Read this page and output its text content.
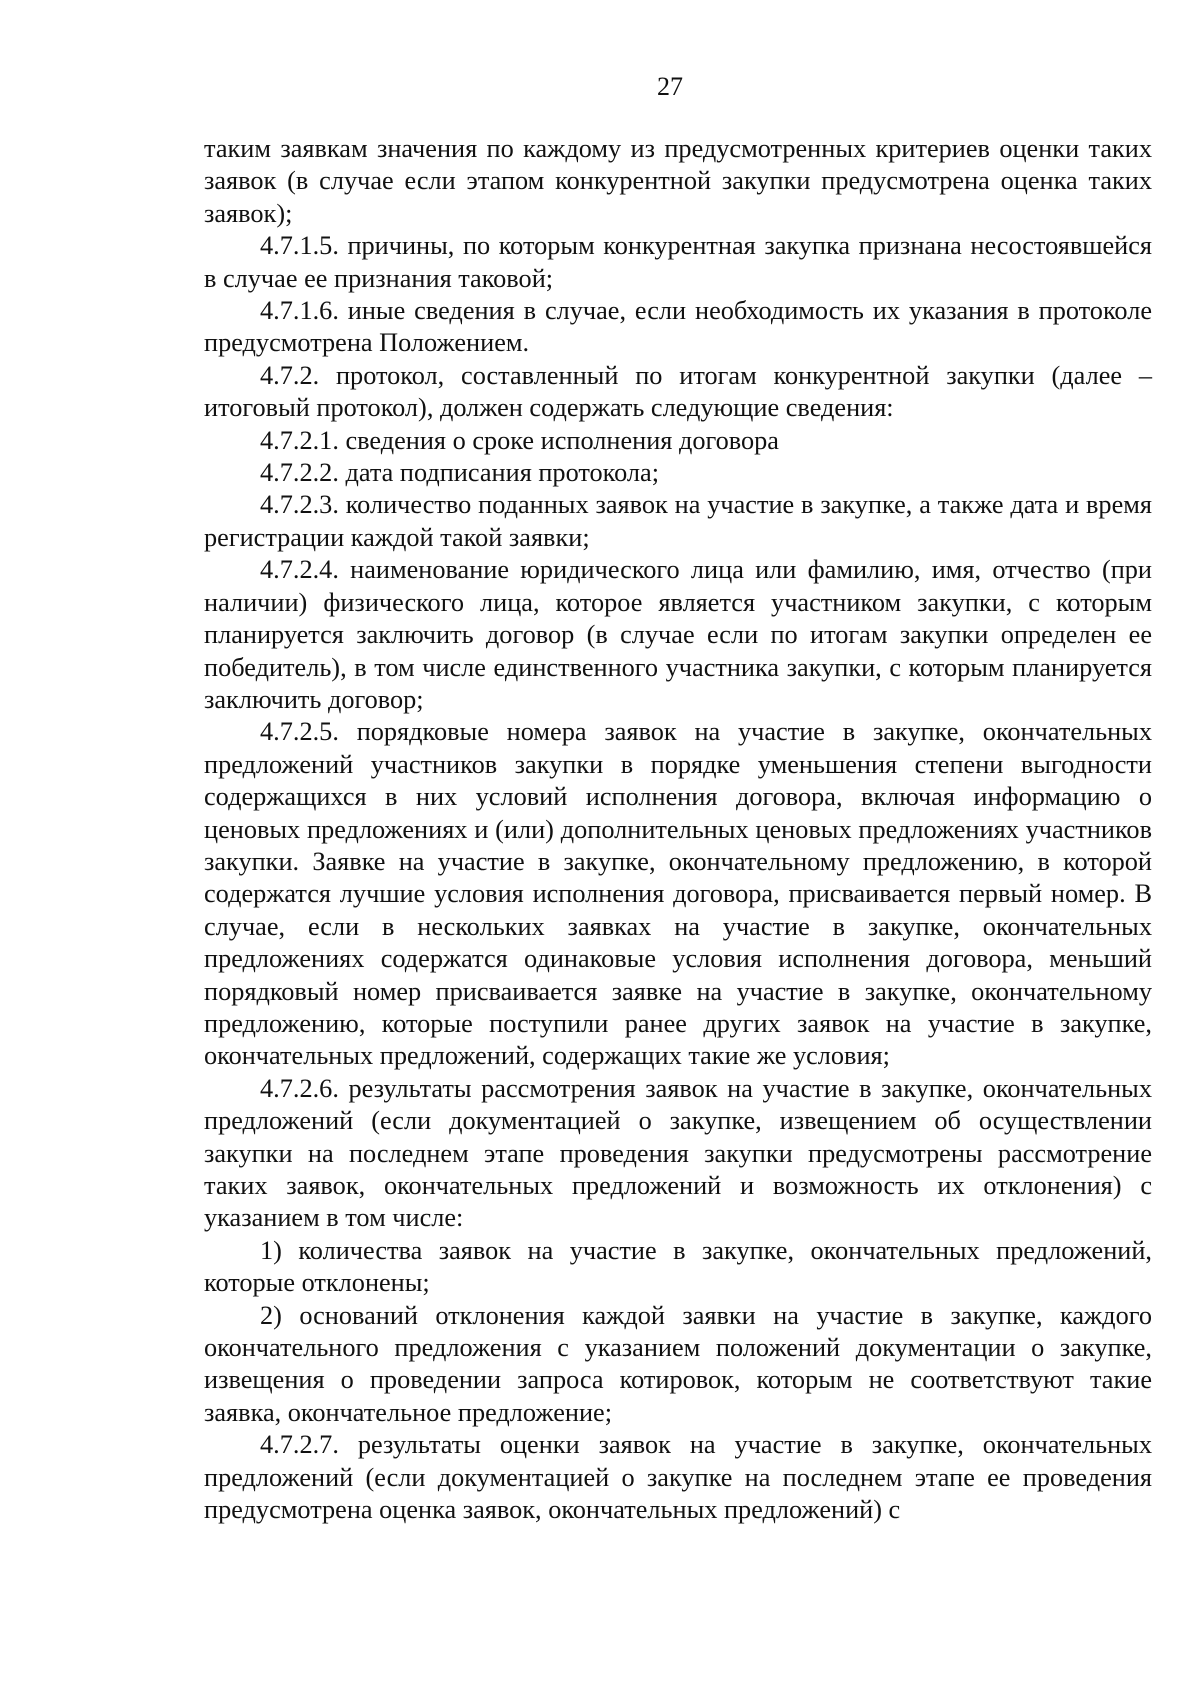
27

таким заявкам значения по каждому из предусмотренных критериев оценки таких заявок (в случае если этапом конкурентной закупки предусмотрена оценка таких заявок);

4.7.1.5. причины, по которым конкурентная закупка признана несостоявшейся в случае ее признания таковой;

4.7.1.6. иные сведения в случае, если необходимость их указания в протоколе предусмотрена Положением.

4.7.2. протокол, составленный по итогам конкурентной закупки (далее – итоговый протокол), должен содержать следующие сведения:

4.7.2.1. сведения о сроке исполнения договора

4.7.2.2. дата подписания протокола;

4.7.2.3. количество поданных заявок на участие в закупке, а также дата и время регистрации каждой такой заявки;

4.7.2.4. наименование юридического лица или фамилию, имя, отчество (при наличии) физического лица, которое является участником закупки, с которым планируется заключить договор (в случае если по итогам закупки определен ее победитель), в том числе единственного участника закупки, с которым планируется заключить договор;

4.7.2.5. порядковые номера заявок на участие в закупке, окончательных предложений участников закупки в порядке уменьшения степени выгодности содержащихся в них условий исполнения договора, включая информацию о ценовых предложениях и (или) дополнительных ценовых предложениях участников закупки. Заявке на участие в закупке, окончательному предложению, в которой содержатся лучшие условия исполнения договора, присваивается первый номер. В случае, если в нескольких заявках на участие в закупке, окончательных предложениях содержатся одинаковые условия исполнения договора, меньший порядковый номер присваивается заявке на участие в закупке, окончательному предложению, которые поступили ранее других заявок на участие в закупке, окончательных предложений, содержащих такие же условия;

4.7.2.6. результаты рассмотрения заявок на участие в закупке, окончательных предложений (если документацией о закупке, извещением об осуществлении закупки на последнем этапе проведения закупки предусмотрены рассмотрение таких заявок, окончательных предложений и возможность их отклонения) с указанием в том числе:

1) количества заявок на участие в закупке, окончательных предложений, которые отклонены;

2) оснований отклонения каждой заявки на участие в закупке, каждого окончательного предложения с указанием положений документации о закупке, извещения о проведении запроса котировок, которым не соответствуют такие заявка, окончательное предложение;

4.7.2.7. результаты оценки заявок на участие в закупке, окончательных предложений (если документацией о закупке на последнем этапе ее проведения предусмотрена оценка заявок, окончательных предложений) с
